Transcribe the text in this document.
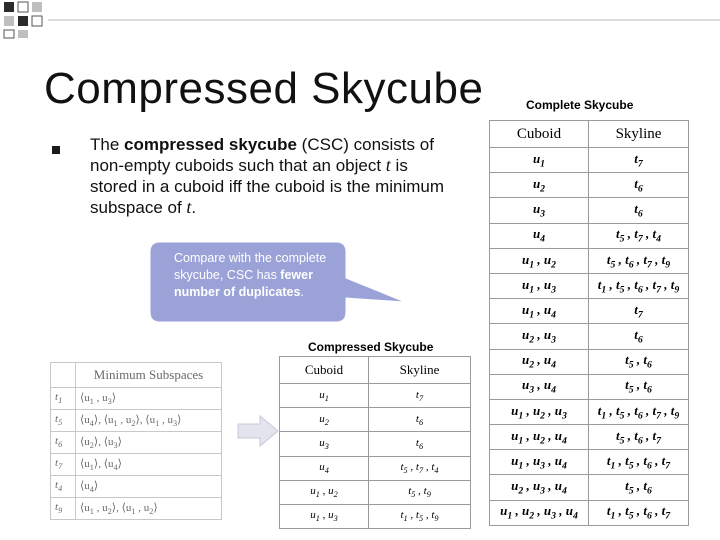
Compressed Skycube
The compressed skycube (CSC) consists of non-empty cuboids such that an object t is stored in a cuboid iff the cuboid is the minimum subspace of t.
Compare with the complete skycube, CSC has fewer number of duplicates.
Complete Skycube
Cuboid	Skyline
$u_1$	$t_7$
$u_2$	$t_6$
$u_3$	$t_6$
$u_4$	$t_5$ , $t_7$ , $t_4$
$u_1$ , $u_2$	$t_5$ , $t_6$ , $t_7$ , $t_9$
$u_1$ , $u_3$	$t_1$ , $t_5$ , $t_6$ , $t_7$ , $t_9$
$u_1$ , $u_4$	$t_7$
$u_2$ , $u_3$	$t_6$
$u_2$ , $u_4$	$t_5$ , $t_6$
$u_3$ , $u_4$	$t_5$ , $t_6$
$u_1$ , $u_2$ , $u_3$	$t_1$ , $t_5$ , $t_6$ , $t_7$ , $t_9$
$u_1$ , $u_2$ , $u_4$	$t_5$ , $t_6$ , $t_7$
$u_1$ , $u_3$ , $u_4$	$t_1$ , $t_5$ , $t_6$ , $t_7$
$u_2$ , $u_3$ , $u_4$	$t_5$ , $t_6$
$u_1$ , $u_2$ , $u_3$ , $u_4$	$t_1$ , $t_5$ , $t_6$ , $t_7$
	Minimum Subspaces
$t_1$	$⟨u_1$ , $u_3⟩$
$t_5$	$⟨u_4⟩$, $⟨u_1$ , $u_2⟩$, $⟨u_1$ , $u_3⟩$
$t_6$	$⟨u_2⟩$, $⟨u_3⟩$
$t_7$	$⟨u_1⟩$, $⟨u_4⟩$
$t_4$	$⟨u_4⟩$
$t_9$	$⟨u_1$ , $u_2⟩$, $⟨u_1$ , $u_2⟩$
Compressed Skycube
Cuboid	Skyline
$u_1$	$t_7$
$u_2$	$t_6$
$u_3$	$t_6$
$u_4$	$t_5$ , $t_7$ , $t_4$
$u_1$ , $u_2$	$t_5$ , $t_9$
$u_1$ , $u_3$	$t_1$ , $t_5$ , $t_9$
